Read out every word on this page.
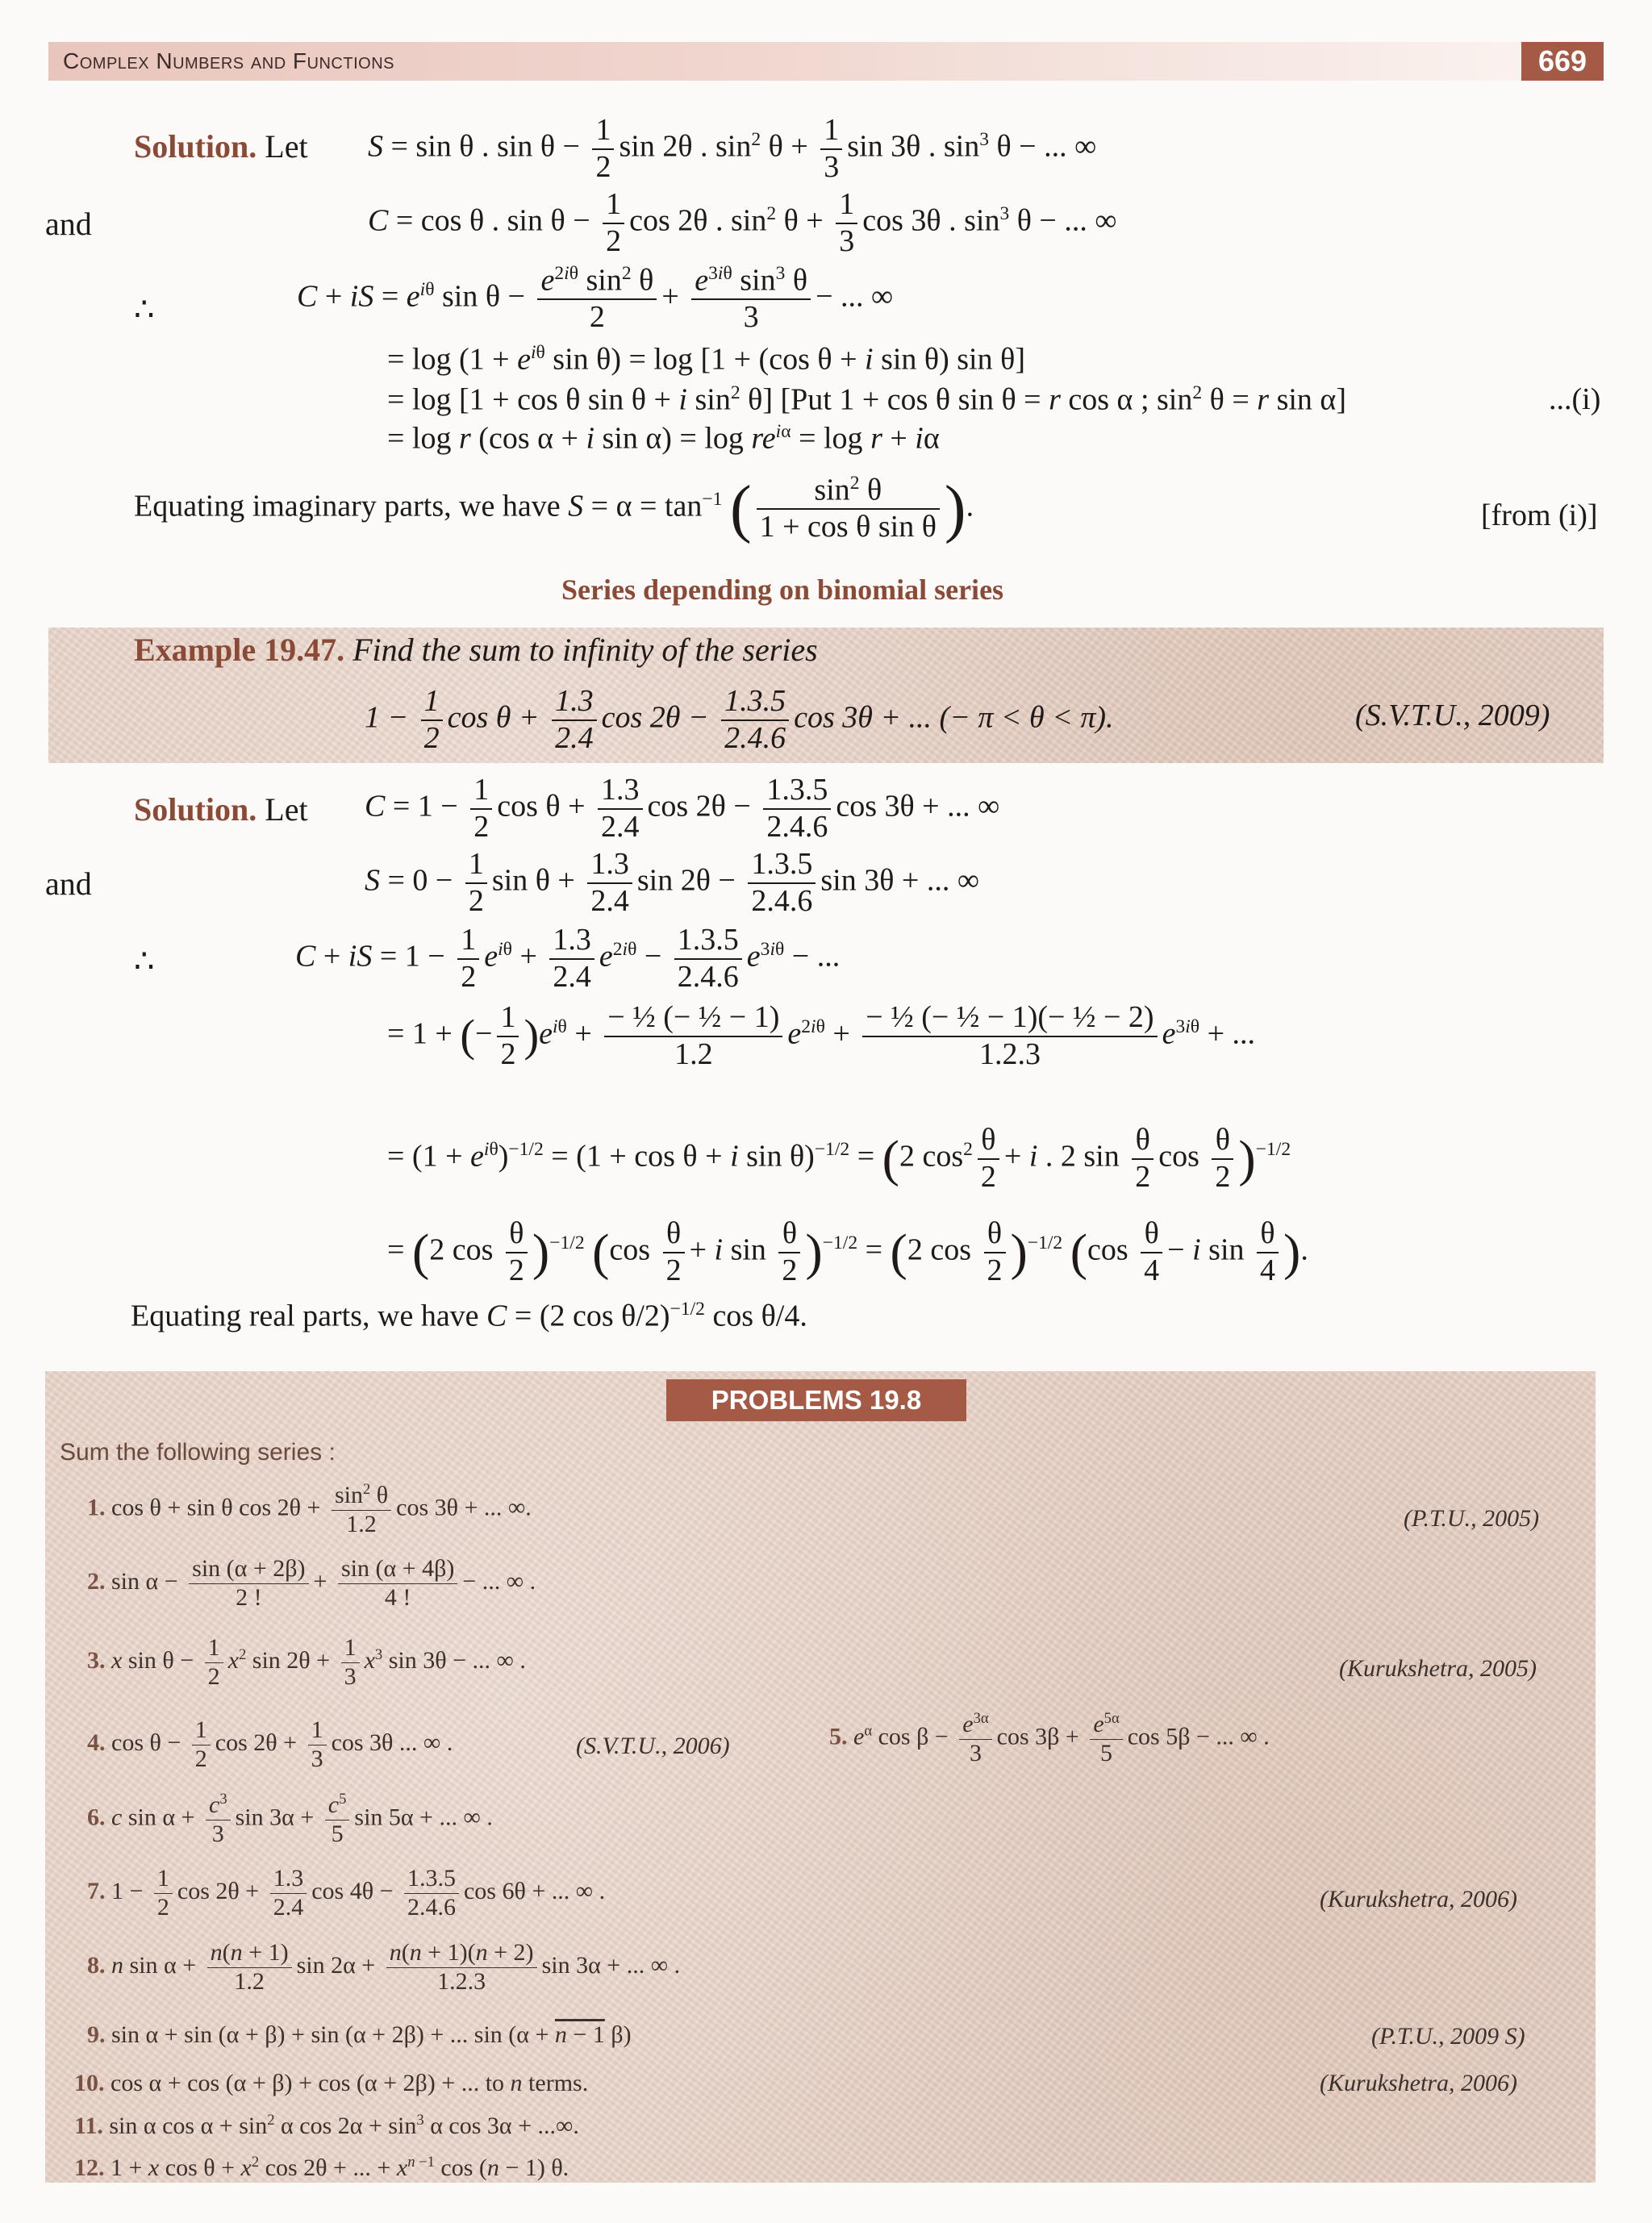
Complex Numbers and Functions	669
Solution. Let S = sin θ . $\sin \theta - \frac{1}{2}$ sin 2θ . $\sin^2 \theta + \frac{1}{3}$ sin 3θ . $\sin^3 \theta$ − ... ∞
and	C = cos θ . $\sin \theta - \frac{1}{2}$ cos 2θ . $\sin^2 \theta + \frac{1}{3}$ cos 3θ . $\sin^3 \theta$ − ... ∞
∴	C + iS = $e^{i\theta}$ $\sin \theta - \frac{e^{2i\theta} \sin^2 \theta}{2} + \frac{e^{3i\theta} \sin^3 \theta}{3}$ − ... ∞
= $\log (1 + e^{i\theta}$ sin θ) = log [1 + (cos θ + i sin θ) sin θ]
= log [1 + cos θ sin θ + i $\sin^2 \theta$] [Put 1 + cos θ sin θ = r cos α ; $\sin^2 \theta = r$ sin α]	...(i)
= log r (cos α + i $\sin \alpha) = \log re^{i\alpha} = \log r + i\alpha$
Equating imaginary parts, we have $S = \alpha = \tan^{-1}$ ( $\frac{\sin^2 \theta}{\text{1 + cos θ sin θ}}$ ).	[from (i)]
Series depending on binomial series
Example 19.47. Find the sum to infinity of the series
$1 - \frac{1}{2}$ $\cos \theta + \frac{1.3}{2.4}$ $\cos 2\theta - \frac{1.3.5}{2.4.6}$ cos 3θ + ... (− π < θ < π).	(S.V.T.U., 2009)
Solution. Let $C = 1 - \frac{1}{2}$ $\cos \theta + \frac{1.3}{2.4}$ $\cos 2\theta - \frac{1.3.5}{2.4.6}$ cos 3θ + ... ∞
and	$S = 0 - \frac{1}{2}$ $\sin \theta + \frac{1.3}{2.4}$ $\sin 2\theta - \frac{1.3.5}{2.4.6}$ sin 3θ + ... ∞
∴	C + iS = $1 - \frac{1}{2} e^{i\theta} + \frac{1.3}{2.4} e^{2i\theta} - \frac{1.3.5}{2.4.6} e^{3i\theta}$ − ...
= 1 + (− $\frac{1}{2} )e^{i\theta} + \frac{\text{− ½ (− ½ − 1)}}{1.2} e^{2i\theta} + \frac{\text{− ½ (− ½ − 1)(− ½ − 2)}}{1.2.3} e^{3i\theta}$ + ...
= $(1 + e^{i\theta})^{-1/2} = (1 + \cos \theta + i$ sin θ)$^{-1/2}$ = (2 $\cos^2 \frac{\theta}{2} + i$ . 2 $\sin \frac{\theta}{2}$ $\cos \frac{\theta}{2} )^{-1/2}$
= (2 $\cos \frac{\theta}{2} )^{-1/2}$ ($\cos \frac{\theta}{2} + i$ $\sin \frac{\theta}{2} )^{-1/2} = (2$ $\cos \frac{\theta}{2} )^{-1/2}$ ($\cos \frac{\theta}{4} - i$ $\sin \frac{\theta}{4}$ ).
Equating real parts, we have C = (2 cos θ/2)$^{-1/2}$ cos θ/4.
PROBLEMS 19.8
Sum the following series :
1. cos θ + sin θ $\cos 2\theta + \frac{\sin^2 \theta}{1.2}$ cos 3θ + ... ∞.	(P.T.U., 2005)
2. $\sin \alpha - \frac{\sin (\alpha + 2\beta)}{2 !} + \frac{\sin (\alpha + 4\beta)}{4 !}$ − ... ∞ .
3. x $\sin \theta - \frac{1}{2} x^2$ $\sin 2\theta + \frac{1}{3} x^3$ sin 3θ − ... ∞ .	(Kurukshetra, 2005)
4. $\cos \theta - \frac{1}{2}$ $\cos 2\theta + \frac{1}{3}$ cos 3θ ... ∞ .	(S.V.T.U., 2006)	5. $e^\alpha$ $\cos \beta - \frac{e^{3\alpha}}{3}$ $\cos 3\beta + \frac{e^{5\alpha}}{5}$ cos 5β − ... ∞ .
6. c $\sin \alpha + \frac{c^3}{3}$ $\sin 3\alpha + \frac{c^5}{5}$ sin 5α + ... ∞ .
7. $1 - \frac{1}{2}$ $\cos 2\theta + \frac{1.3}{2.4}$ $\cos 4\theta - \frac{1.3.5}{2.4.6}$ cos 6θ + ... ∞ .	(Kurukshetra, 2006)
8. n $\sin \alpha + \frac{n(n + 1)}{1.2}$ $\sin 2\alpha + \frac{n(n + 1)(n + 2)}{1.2.3}$ sin 3α + ... ∞ .
9. sin α + sin (α + β) + sin (α + 2β) + ... sin (α + n − 1 β)	(P.T.U., 2009 S)
10. cos α + cos (α + β) + cos (α + 2β) + ... to n terms.	(Kurukshetra, 2006)
11. sin α $\cos \alpha + \sin^2 \alpha$ $\cos 2\alpha + \sin^3 \alpha$ cos 3α + ...∞.
12. 1 + x $\cos \theta + x^2$ cos 2θ + ... + $x^{n -1}$ cos (n − 1) θ.
